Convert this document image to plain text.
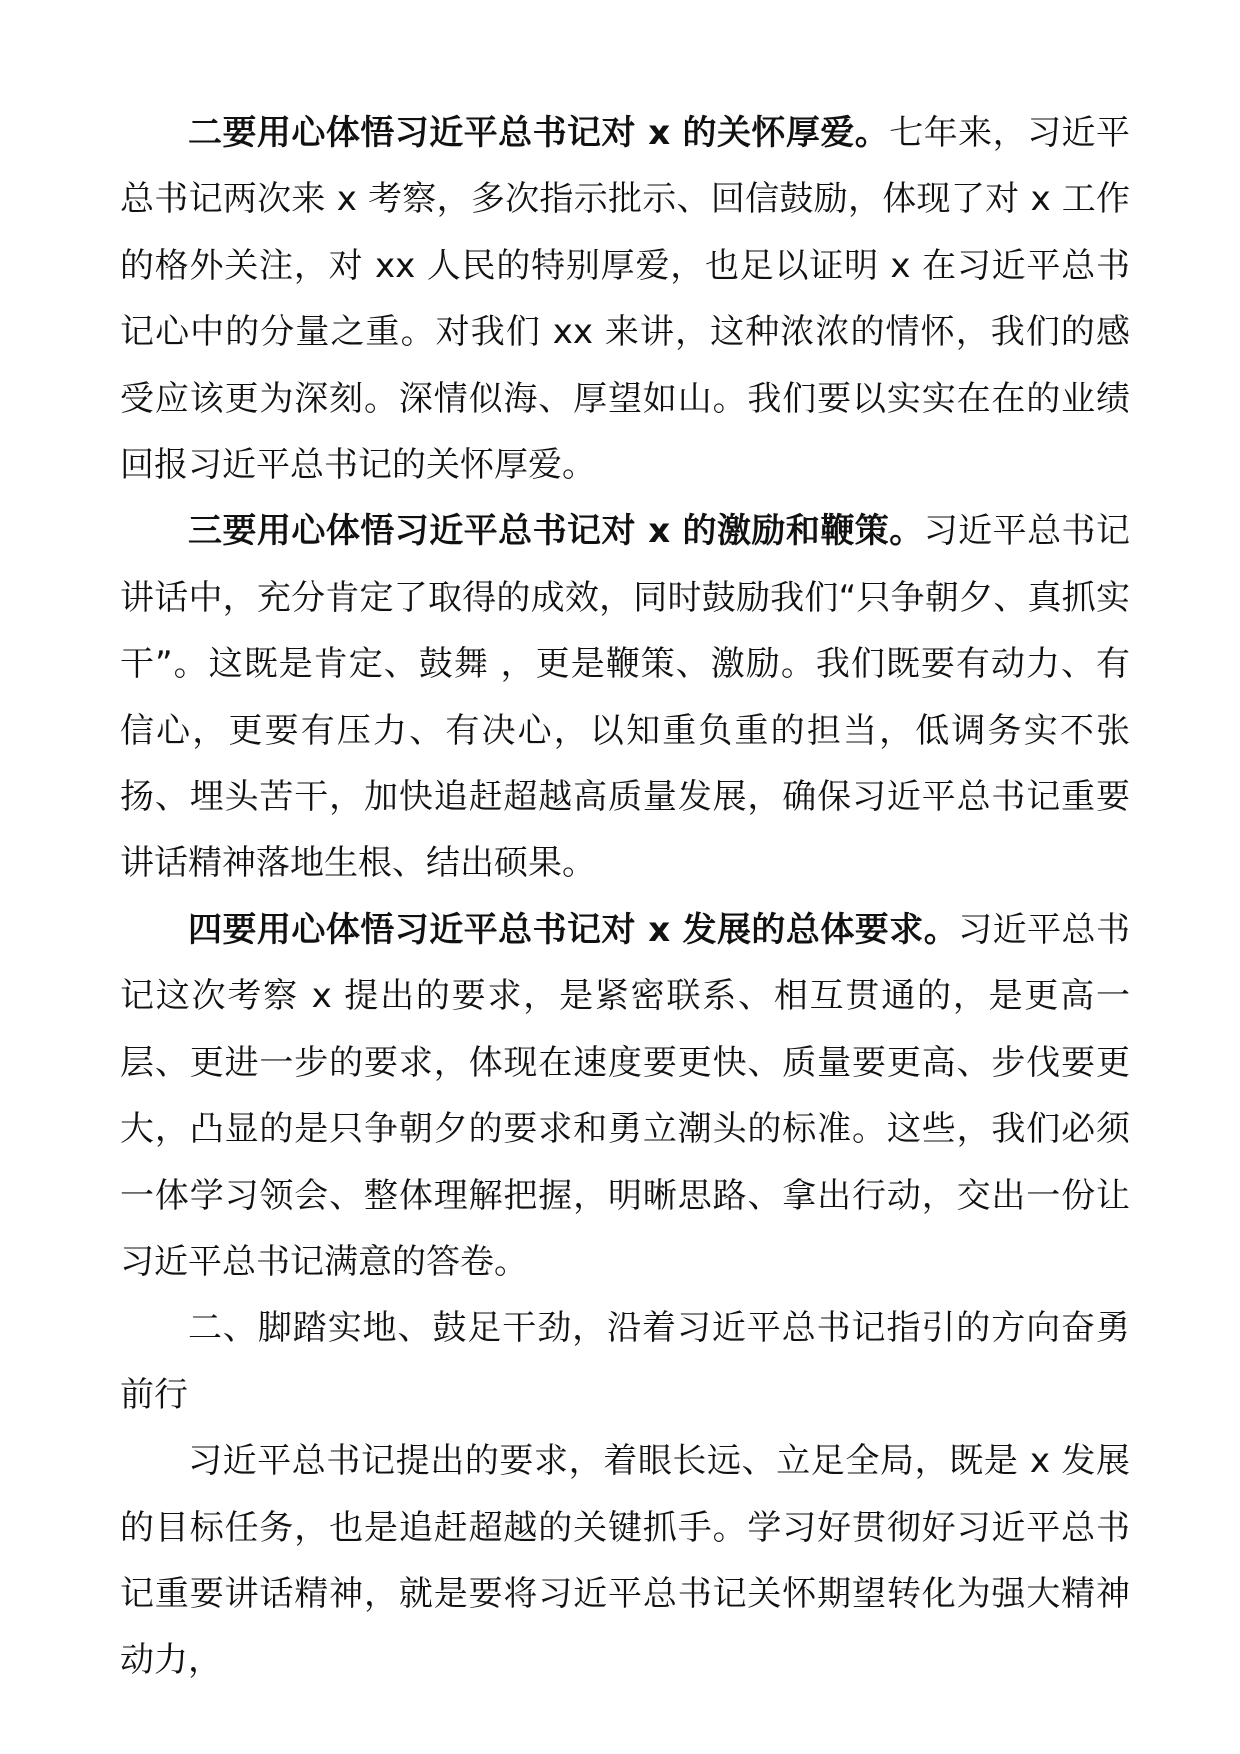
二要用心体悟习近平总书记对 x 的关怀厚爱。七年来，习近平总书记两次来 x 考察，多次指示批示、回信鼓励，体现了对 x 工作的格外关注，对 xx 人民的特别厚爱，也足以证明 x 在习近平总书记心中的分量之重。对我们 xx 来讲，这种浓浓的情怀，我们的感受应该更为深刻。深情似海、厚望如山。我们要以实实在在的业绩回报习近平总书记的关怀厚爱。

三要用心体悟习近平总书记对 x 的激励和鞭策。习近平总书记讲话中，充分肯定了取得的成效，同时鼓励我们“只争朝夕、真抓实干”。这既是肯定、鼓舞 ，更是鞭策、激励。我们既要有动力、有信心，更要有压力、有决心，以知重负重的担当，低调务实不张扬、埋头苦干，加快追赶超越高质量发展，确保习近平总书记重要讲话精神落地生根、结出硕果。

四要用心体悟习近平总书记对 x 发展的总体要求。习近平总书记这次考察 x 提出的要求，是紧密联系、相互贯通的，是更高一层、更进一步的要求，体现在速度要更快、质量要更高、步伐要更大，凸显的是只争朝夕的要求和勇立潮头的标准。这些，我们必须一体学习领会、整体理解把握，明晰思路、拿出行动，交出一份让习近平总书记满意的答卷。

二、脚踏实地、鼓足干劲，沿着习近平总书记指引的方向奋勇前行

习近平总书记提出的要求，着眼长远、立足全局，既是 x 发展的目标任务，也是追赶超越的关键抓手。学习好贯彻好习近平总书记重要讲话精神，就是要将习近平总书记关怀期望转化为强大精神动力，
